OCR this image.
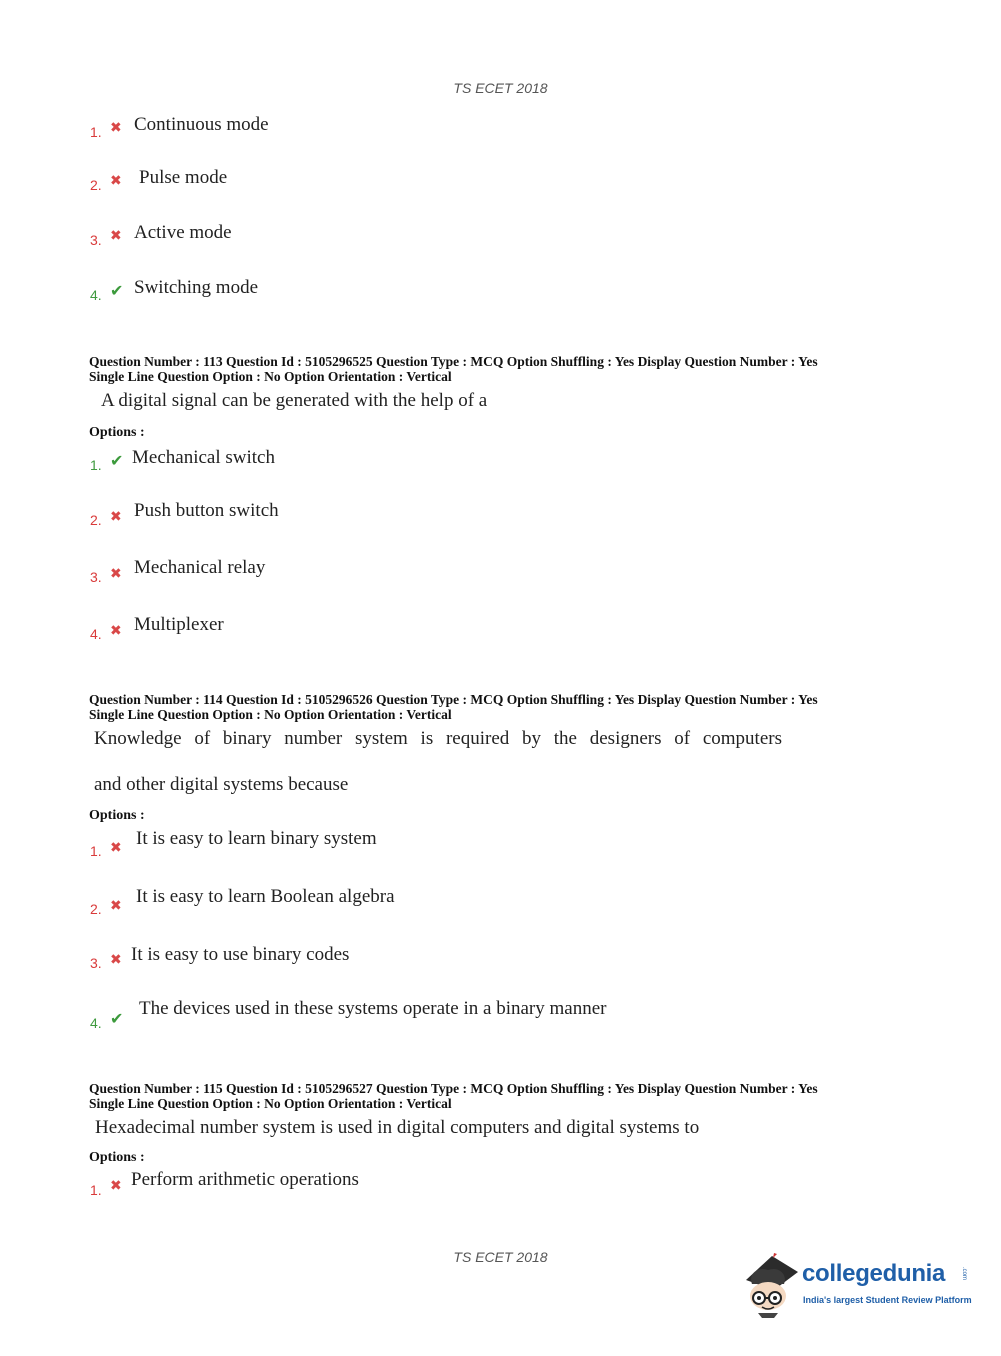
TS ECET 2018
1. ✖ Continuous mode
2. ✖ Pulse mode
3. ✖ Active mode
4. ✔ Switching mode
Question Number : 113 Question Id : 5105296525 Question Type : MCQ Option Shuffling : Yes Display Question Number : Yes
Single Line Question Option : No Option Orientation : Vertical
A digital signal can be generated with the help of a
Options :
1. ✔ Mechanical switch
2. ✖ Push button switch
3. ✖ Mechanical relay
4. ✖ Multiplexer
Question Number : 114 Question Id : 5105296526 Question Type : MCQ Option Shuffling : Yes Display Question Number : Yes
Single Line Question Option : No Option Orientation : Vertical
Knowledge of binary number system is required by the designers of computers
and other digital systems because
Options :
1. ✖ It is easy to learn binary system
2. ✖ It is easy to learn Boolean algebra
3. ✖ It is easy to use binary codes
4. ✔ The devices used in these systems operate in a binary manner
Question Number : 115 Question Id : 5105296527 Question Type : MCQ Option Shuffling : Yes Display Question Number : Yes
Single Line Question Option : No Option Orientation : Vertical
Hexadecimal number system is used in digital computers and digital systems to
Options :
1. ✖ Perform arithmetic operations
TS ECET 2018
collegedunia	.com
India's largest Student Review Platform
